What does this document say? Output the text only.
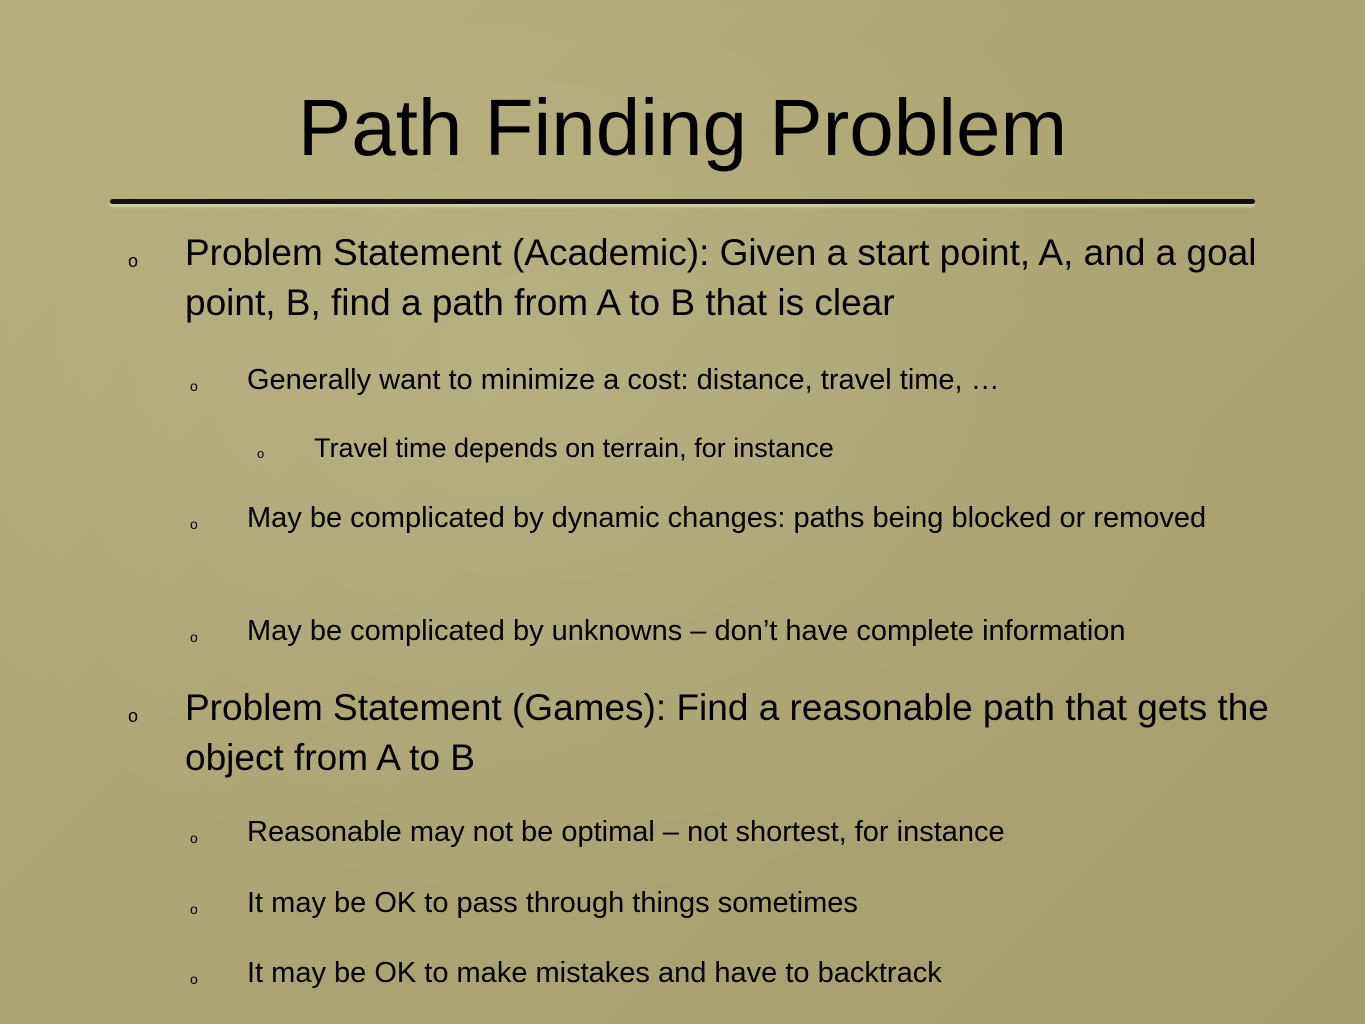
Path Finding Problem
o Problem Statement (Academic): Given a start point, A, and a goal point, B, find a path from A to B that is clear
o Generally want to minimize a cost: distance, travel time, …
o Travel time depends on terrain, for instance
o May be complicated by dynamic changes: paths being blocked or removed
o May be complicated by unknowns – don’t have complete information
o Problem Statement (Games): Find a reasonable path that gets the object from A to B
o Reasonable may not be optimal – not shortest, for instance
o It may be OK to pass through things sometimes
o It may be OK to make mistakes and have to backtrack
